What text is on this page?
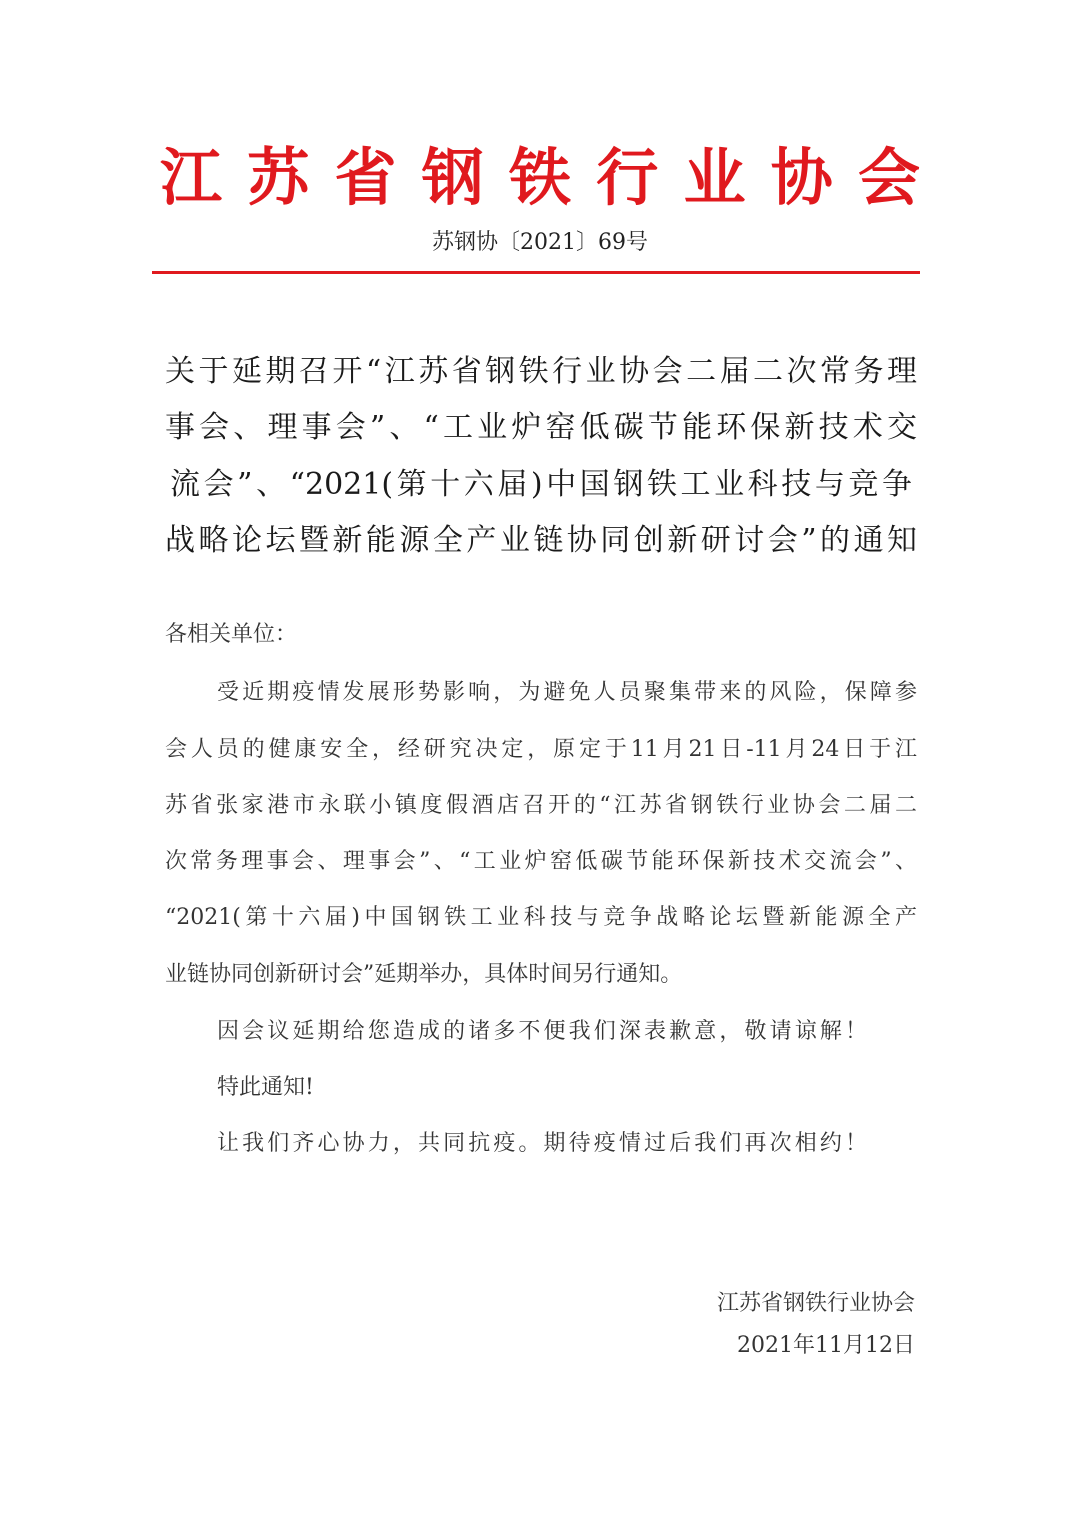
江苏省钢铁行业协会
苏钢协〔2021〕69号
关于延期召开“江苏省钢铁行业协会二届二次常务理
事会、理事会”、“工业炉窑低碳节能环保新技术交
流会”、“2021(第十六届)中国钢铁工业科技与竞争
战略论坛暨新能源全产业链协同创新研讨会”的通知
各相关单位：
受近期疫情发展形势影响，为避免人员聚集带来的风险，保障参
会人员的健康安全，经研究决定，原定于11月21日-11月24日于江
苏省张家港市永联小镇度假酒店召开的“江苏省钢铁行业协会二届二
次常务理事会、理事会”、“工业炉窑低碳节能环保新技术交流会”、
“2021(第十六届)中国钢铁工业科技与竞争战略论坛暨新能源全产
业链协同创新研讨会”延期举办，具体时间另行通知。
因会议延期给您造成的诸多不便我们深表歉意，敬请谅解！
特此通知!
让我们齐心协力，共同抗疫。期待疫情过后我们再次相约！
江苏省钢铁行业协会
2021年11月12日
